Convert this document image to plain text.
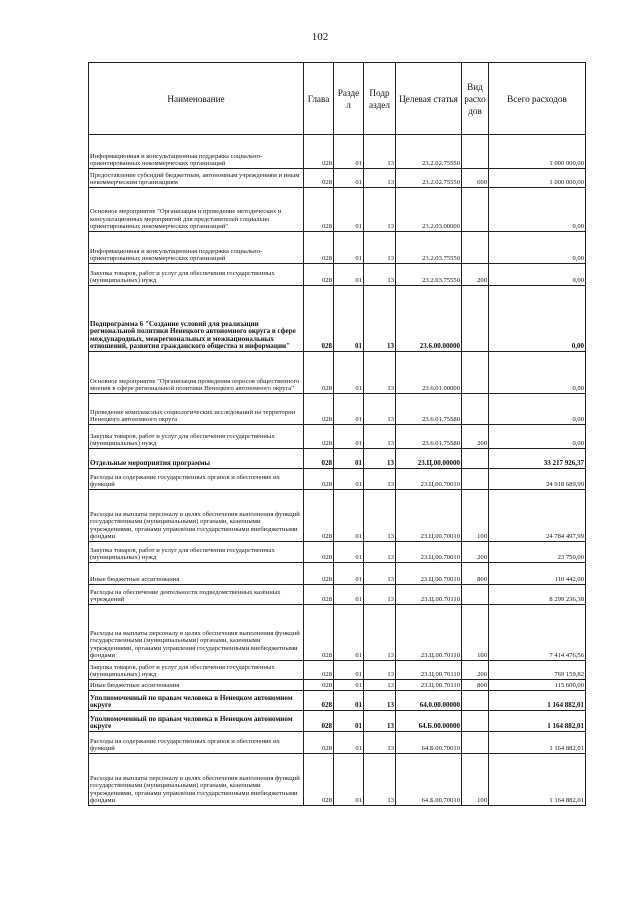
102
Наименование	Глава	Разде л	Подр аздел	Целевая статья	Вид расхо дов	Всего расходов
Информационная и консультационная поддержка социально-ориентированных некоммерческих организаций	028	01	13	23.2.02.75550		1 000 000,00
Предоставление субсидий бюджетным, автономным учреждениям и иным некоммерческим организациям	028	01	13	23.2.02.75550	600	1 000 000,00
Основное мероприятие "Организация и проведение методических и консультационных мероприятий для представителей социально ориентированных некоммерческих организаций"	028	01	13	23.2.03.00000		0,00
Информационная и консультационная поддержка социально-ориентированных некоммерческих организаций	028	01	13	23.2.03.75550		0,00
Закупка товаров, работ и услуг для обеспечения государственных (муниципальных) нужд	028	01	13	23.2.03.75550	200	0,00
Подпрограмма 6 "Создание условий для реализации региональной политики Ненецкого автономного округа в сфере международных, межрегиональных и межнациональных отношений, развития гражданского общества и информации"	028	01	13	23.6.00.00000		0,00
Основное мероприятие "Организация проведения опросов общественного мнения в сфере региональной политики Ненецкого автономного округа"	028	01	13	23.6.01.00000		0,00
Проведение комплексных социологических исследований на территории Ненецкого автономного округа	028	01	13	23.6.01.75580		0,00
Закупка товаров, работ и услуг для обеспечения государственных (муниципальных) нужд	028	01	13	23.6.01.75580	200	0,00
Отдельные мероприятия программы	028	01	13	23.Ц.00.00000		33 217 926,37
Расходы на содержание государственных органов и обеспечение их функций	028	01	13	23.Ц.00.70010		24 918 689,99
Расходы на выплаты персоналу в целях обеспечения выполнения функций государственными (муниципальными) органами, казенными учреждениями, органами управления государственными внебюджетными фондами	028	01	13	23.Ц.00.70010	100	24 784 497,99
Закупка товаров, работ и услуг для обеспечения государственных (муниципальных) нужд	028	01	13	23.Ц.00.70010	200	23 750,00
Иные бюджетные ассигнования	028	01	13	23.Ц.00.70010	800	110 442,00
Расходы на обеспечение деятельности подведомственных казённых учреждений	028	01	13	23.Ц.00.70110		8 299 236,38
Расходы на выплаты персоналу в целях обеспечения выполнения функций государственными (муниципальными) органами, казенными учреждениями, органами управления государственными внебюджетными фондами	028	01	13	23.Ц.00.70110	100	7 414 476,56
Закупка товаров, работ и услуг для обеспечения государственных (муниципальных) нужд	028	01	13	23.Ц.00.70110	200	769 159,82
Иные бюджетные ассигнования	028	01	13	23.Ц.00.70110	800	115 600,00
Уполномоченный по правам человека в Ненецком автономном округе	028	01	13	64.0.00.00000		1 164 882,01
Уполномоченный по правам человека в Ненецком автономном округе	028	01	13	64.Б.00.00000		1 164 882,01
Расходы на содержание государственных органов и обеспечение их функций	028	01	13	64.Б.00.70010		1 164 882,01
Расходы на выплаты персоналу в целях обеспечения выполнения функций государственными (муниципальными) органами, казенными учреждениями, органами управления государственными внебюджетными фондами	028	01	13	64.Б.00.70010	100	1 164 882,01
